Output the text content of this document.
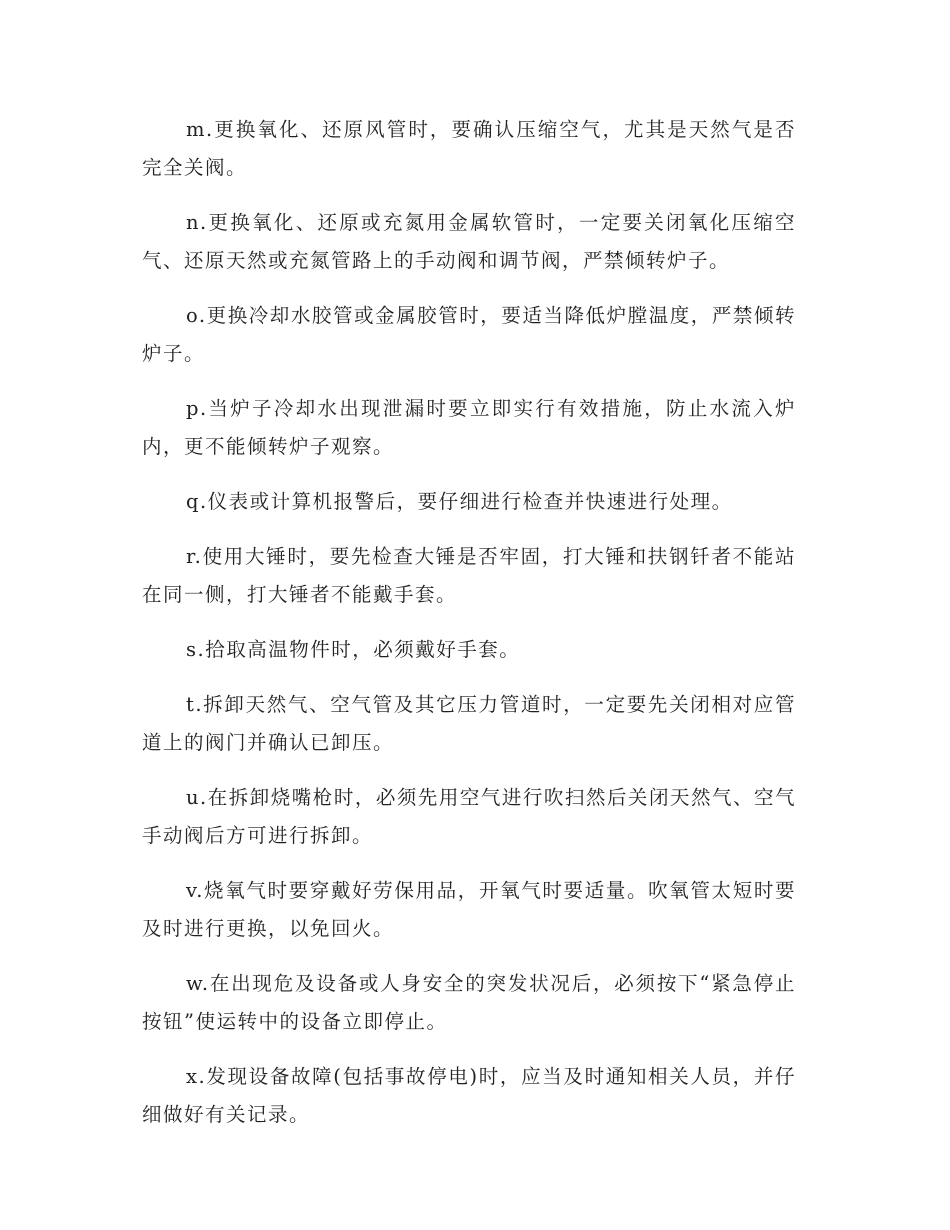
m.更换氧化、还原风管时，要确认压缩空气，尤其是天然气是否完全关阀。

n.更换氧化、还原或充氮用金属软管时，一定要关闭氧化压缩空气、还原天然或充氮管路上的手动阀和调节阀，严禁倾转炉子。

o.更换冷却水胶管或金属胶管时，要适当降低炉膛温度，严禁倾转炉子。

p.当炉子冷却水出现泄漏时要立即实行有效措施，防止水流入炉内，更不能倾转炉子观察。

q.仪表或计算机报警后，要仔细进行检查并快速进行处理。

r.使用大锤时，要先检查大锤是否牢固，打大锤和扶钢钎者不能站在同一侧，打大锤者不能戴手套。

s.拾取高温物件时，必须戴好手套。

t.拆卸天然气、空气管及其它压力管道时，一定要先关闭相对应管道上的阀门并确认已卸压。

u.在拆卸烧嘴枪时，必须先用空气进行吹扫然后关闭天然气、空气手动阀后方可进行拆卸。

v.烧氧气时要穿戴好劳保用品，开氧气时要适量。吹氧管太短时要及时进行更换，以免回火。

w.在出现危及设备或人身安全的突发状况后，必须按下“紧急停止按钮”使运转中的设备立即停止。

x.发现设备故障(包括事故停电)时，应当及时通知相关人员，并仔细做好有关记录。
